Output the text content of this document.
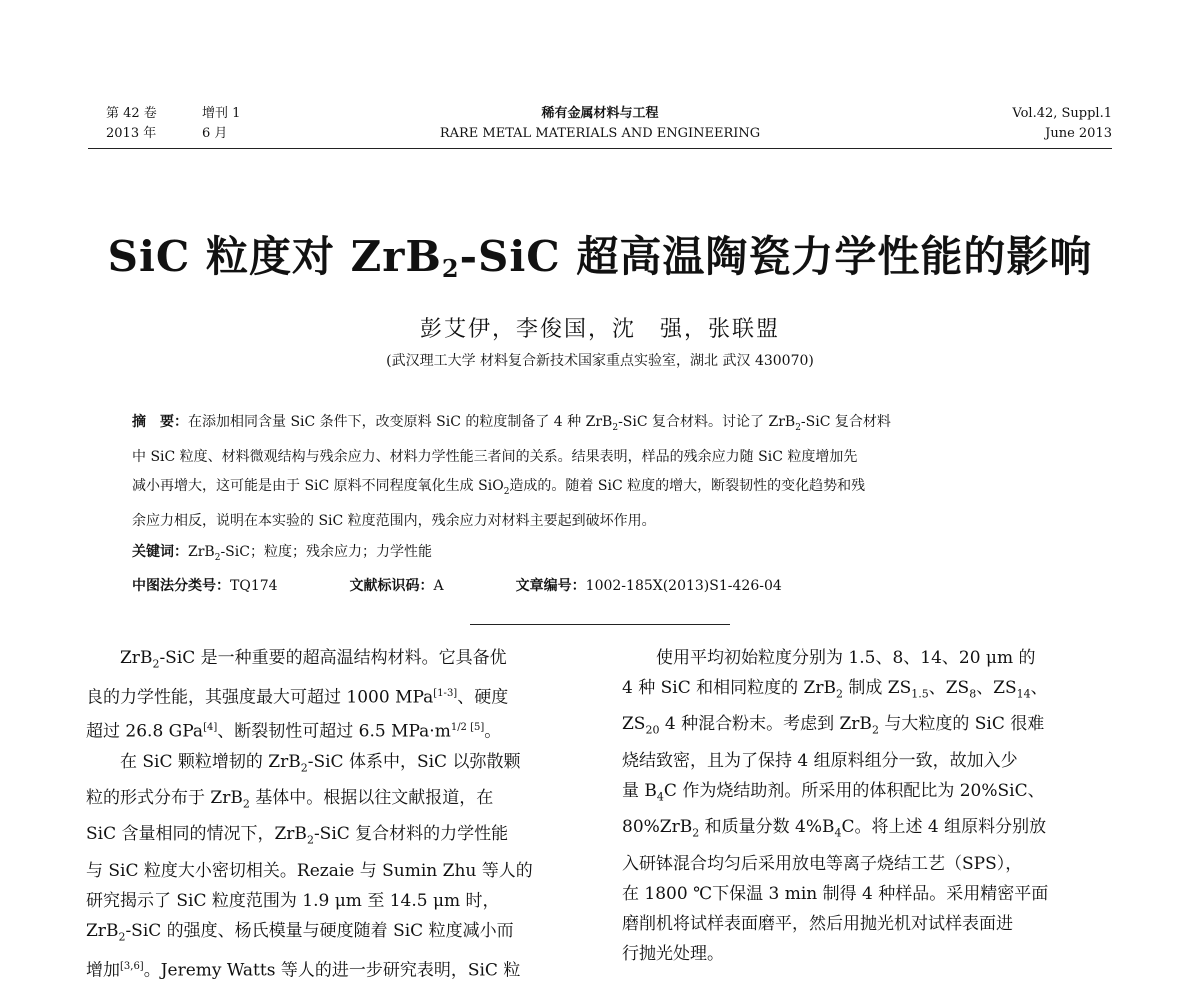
第 42 卷	增刊 1
2013 年	6 月
稀有金属材料与工程
RARE METAL MATERIALS AND ENGINEERING
Vol.42, Suppl.1
June 2013
SiC 粒度对 ZrB$_2$-SiC 超高温陶瓷力学性能的影响
彭艾伊，李俊国，沈　强，张联盟
(武汉理工大学 材料复合新技术国家重点实验室，湖北 武汉 430070)
摘　要：在添加相同含量 SiC 条件下，改变原料 SiC 的粒度制备了 4 种 ZrB$_2$-SiC 复合材料。讨论了 ZrB$_2$-SiC 复合材料
中 SiC 粒度、材料微观结构与残余应力、材料力学性能三者间的关系。结果表明，样品的残余应力随 SiC 粒度增加先
减小再增大，这可能是由于 SiC 原料不同程度氧化生成 SiO$_2$造成的。随着 SiC 粒度的增大，断裂韧性的变化趋势和残
余应力相反，说明在本实验的 SiC 粒度范围内，残余应力对材料主要起到破坏作用。
关键词：ZrB$_2$-SiC；粒度；残余应力；力学性能
中图法分类号：TQ174	文献标识码：A	文章编号：1002-185X(2013)S1-426-04
ZrB$_2$-SiC 是一种重要的超高温结构材料。它具备优
良的力学性能，其强度最大可超过 1000 MPa[1-3]、硬度
超过 26.8 GPa[4]、断裂韧性可超过 6.5 $MPa\cdot m^{1/2 [5]}$。
在 SiC 颗粒增韧的 ZrB$_2$-SiC 体系中，SiC 以弥散颗
粒的形式分布于 ZrB$_2$ 基体中。根据以往文献报道，在
SiC 含量相同的情况下，ZrB$_2$-SiC 复合材料的力学性能
与 SiC 粒度大小密切相关。Rezaie 与 Sumin Zhu 等人的
研究揭示了 SiC 粒度范围为 1.9 μm 至 14.5 μm 时，
ZrB$_2$-SiC 的强度、杨氏模量与硬度随着 SiC 粒度减小而
增加[3,6]。Jeremy Watts 等人的进一步研究表明，SiC 粒
使用平均初始粒度分别为 1.5、8、14、20 μm 的
4 种 SiC 和相同粒度的 ZrB$_2$ 制成 $ZS_{1.5}$、$ZS_8$、$ZS_{14}$、
$ZS_{20}$ 4 种混合粉末。考虑到 ZrB$_2$ 与大粒度的 SiC 很难
烧结致密，且为了保持 4 组原料组分一致，故加入少
量 $B_4C$ 作为烧结助剂。所采用的体积配比为 20%SiC、
80%ZrB$_2$ 和质量分数 $4\%B_4C$。将上述 4 组原料分别放
入研钵混合均匀后采用放电等离子烧结工艺（SPS），
在 1800 ℃下保温 3 min 制得 4 种样品。采用精密平面
磨削机将试样表面磨平，然后用抛光机对试样表面进
行抛光处理。
